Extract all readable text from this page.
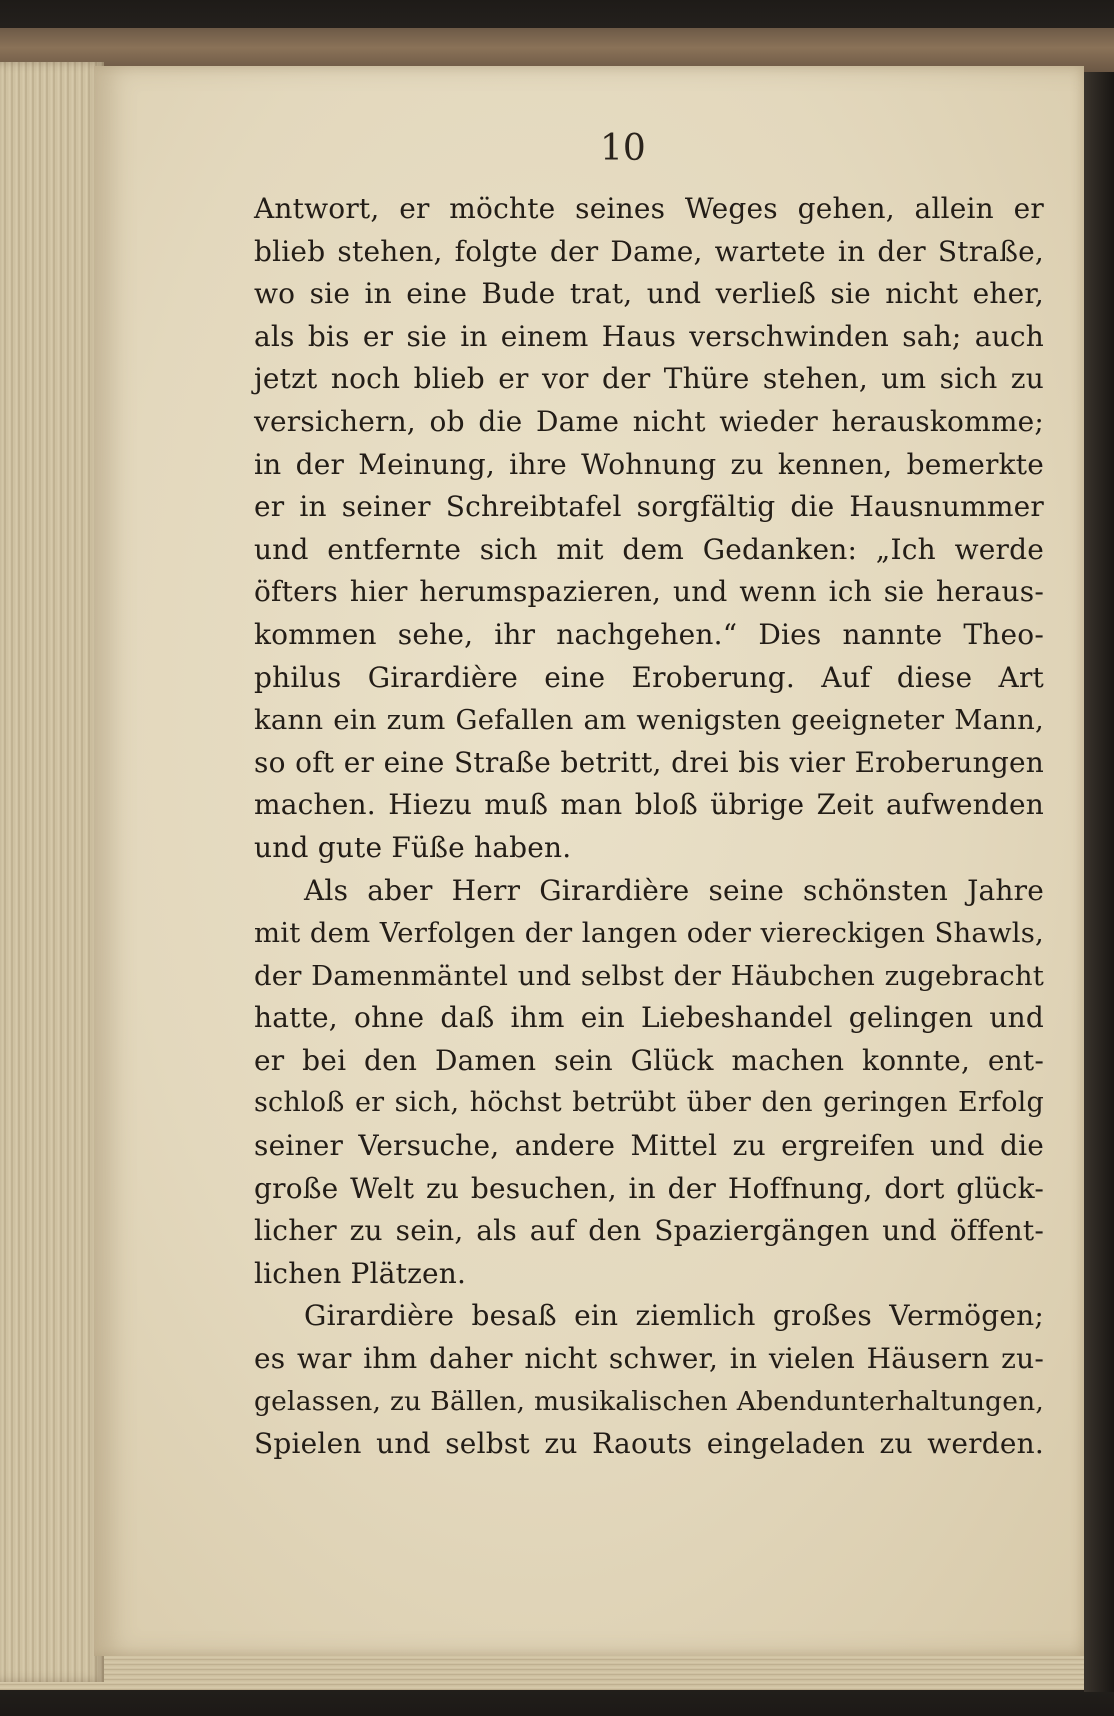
10
Antwort, er möchte seines Weges gehen, allein er
blieb stehen, folgte der Dame, wartete in der Straße,
wo sie in eine Bude trat, und verließ sie nicht eher,
als bis er sie in einem Haus verschwinden sah; auch
jetzt noch blieb er vor der Thüre stehen, um sich zu
versichern, ob die Dame nicht wieder herauskomme;
in der Meinung, ihre Wohnung zu kennen, bemerkte
er in seiner Schreibtafel sorgfältig die Hausnummer
und entfernte sich mit dem Gedanken: „Ich werde
öfters hier herumspazieren, und wenn ich sie heraus-
kommen sehe, ihr nachgehen.“ Dies nannte Theo-
philus Girardière eine Eroberung. Auf diese Art
kann ein zum Gefallen am wenigsten geeigneter Mann,
so oft er eine Straße betritt, drei bis vier Eroberungen
machen. Hiezu muß man bloß übrige Zeit aufwenden
und gute Füße haben.
Als aber Herr Girardière seine schönsten Jahre
mit dem Verfolgen der langen oder viereckigen Shawls,
der Damenmäntel und selbst der Häubchen zugebracht
hatte, ohne daß ihm ein Liebeshandel gelingen und
er bei den Damen sein Glück machen konnte, ent-
schloß er sich, höchst betrübt über den geringen Erfolg
seiner Versuche, andere Mittel zu ergreifen und die
große Welt zu besuchen, in der Hoffnung, dort glück-
licher zu sein, als auf den Spaziergängen und öffent-
lichen Plätzen.
Girardière besaß ein ziemlich großes Vermögen;
es war ihm daher nicht schwer, in vielen Häusern zu-
gelassen, zu Bällen, musikalischen Abendunterhaltungen,
Spielen und selbst zu Raouts eingeladen zu werden.
